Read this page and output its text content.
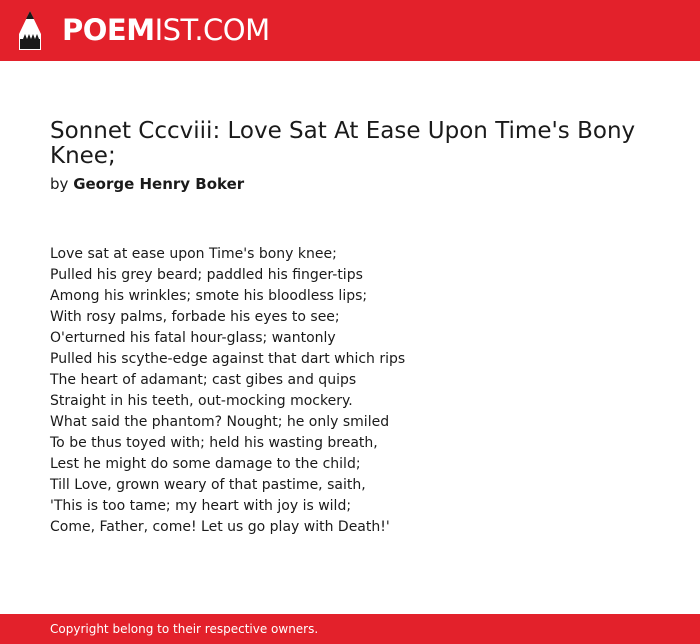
POEMIST.COM
Sonnet Cccviii: Love Sat At Ease Upon Time's Bony Knee;
by George Henry Boker
Love sat at ease upon Time's bony knee;
Pulled his grey beard; paddled his finger-tips
Among his wrinkles; smote his bloodless lips;
With rosy palms, forbade his eyes to see;
O'erturned his fatal hour-glass; wantonly
Pulled his scythe-edge against that dart which rips
The heart of adamant; cast gibes and quips
Straight in his teeth, out-mocking mockery.
What said the phantom? Nought; he only smiled
To be thus toyed with; held his wasting breath,
Lest he might do some damage to the child;
Till Love, grown weary of that pastime, saith,
'This is too tame; my heart with joy is wild;
Come, Father, come! Let us go play with Death!'
Copyright belong to their respective owners.
